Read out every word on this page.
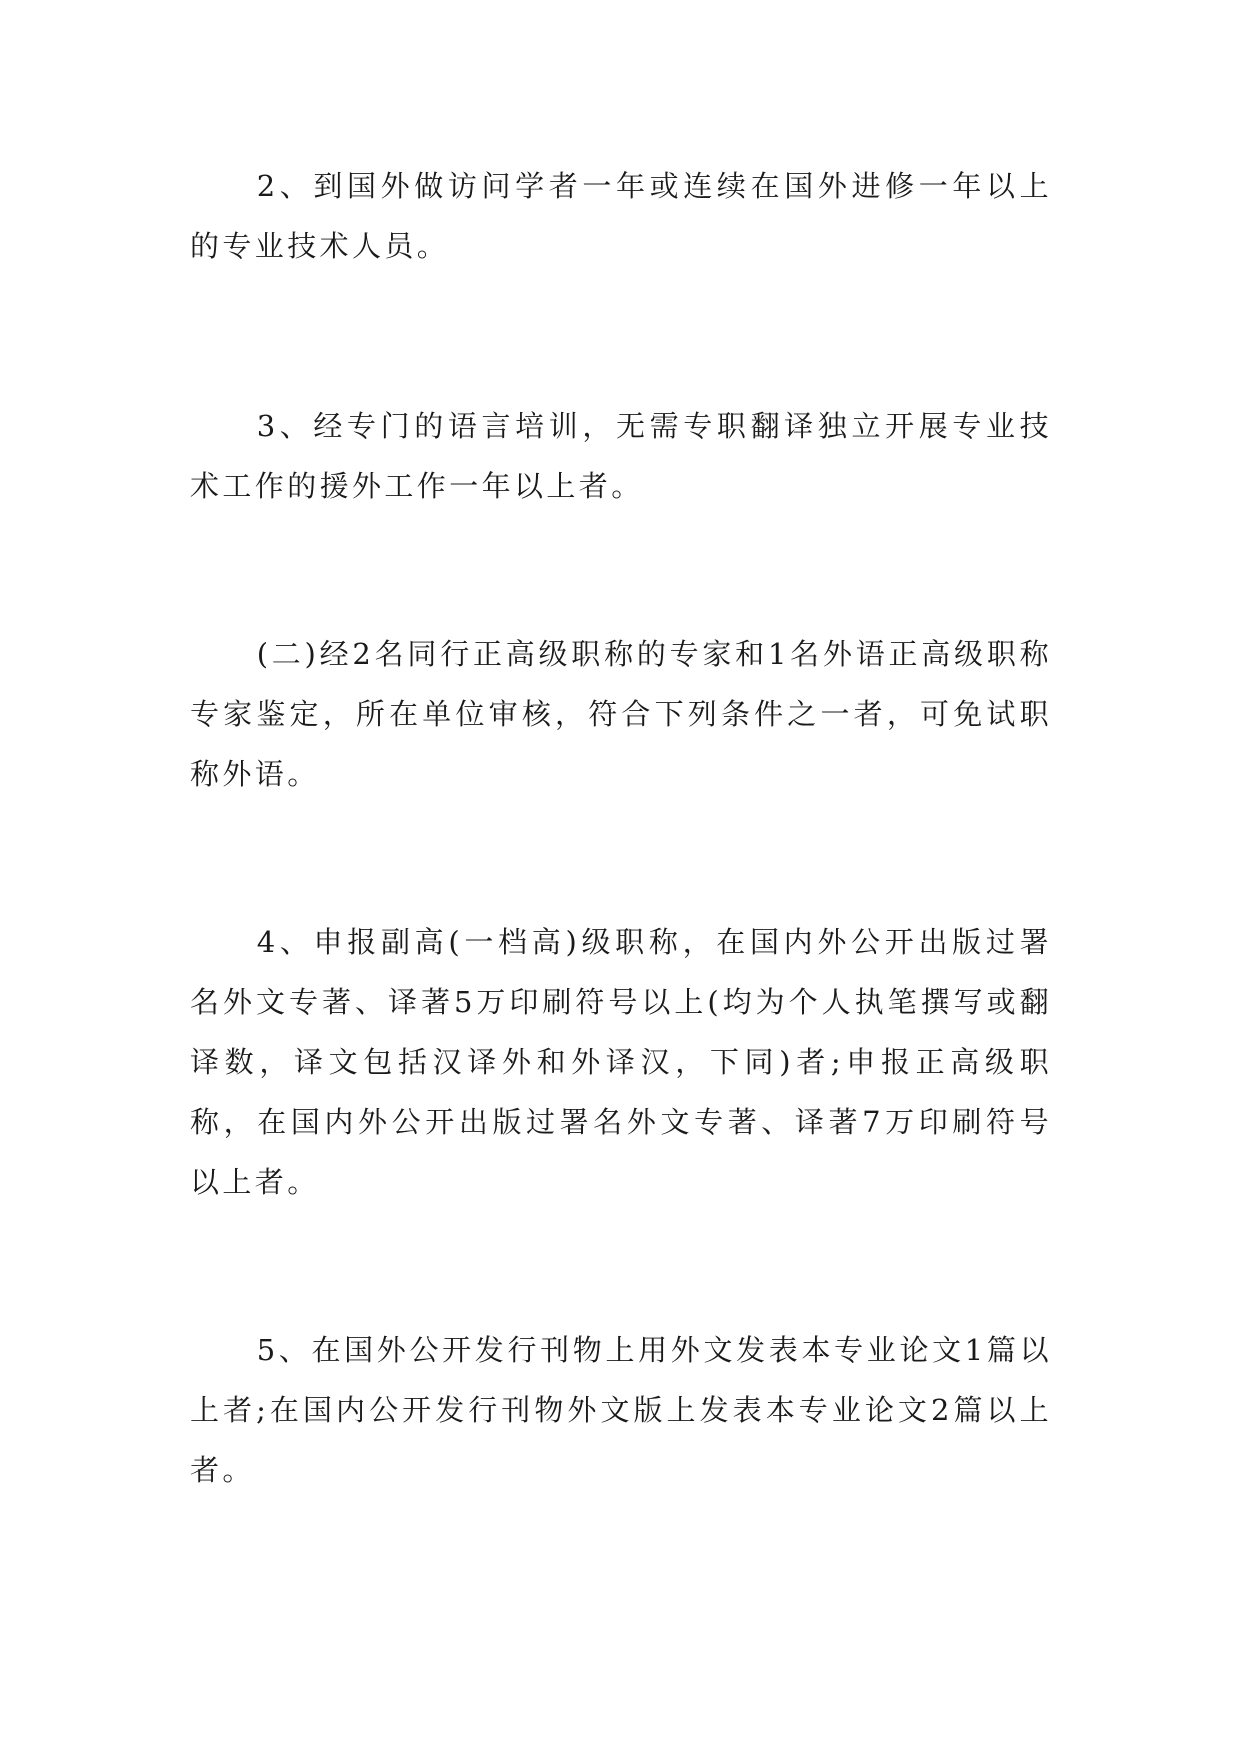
2、到国外做访问学者一年或连续在国外进修一年以上的专业技术人员。

3、经专门的语言培训，无需专职翻译独立开展专业技术工作的援外工作一年以上者。

(二)经2名同行正高级职称的专家和1名外语正高级职称专家鉴定，所在单位审核，符合下列条件之一者，可免试职称外语。

4、申报副高(一档高)级职称，在国内外公开出版过署名外文专著、译著5万印刷符号以上(均为个人执笔撰写或翻译数，译文包括汉译外和外译汉，下同)者;申报正高级职称，在国内外公开出版过署名外文专著、译著7万印刷符号以上者。

5、在国外公开发行刊物上用外文发表本专业论文1篇以上者;在国内公开发行刊物外文版上发表本专业论文2篇以上者。
